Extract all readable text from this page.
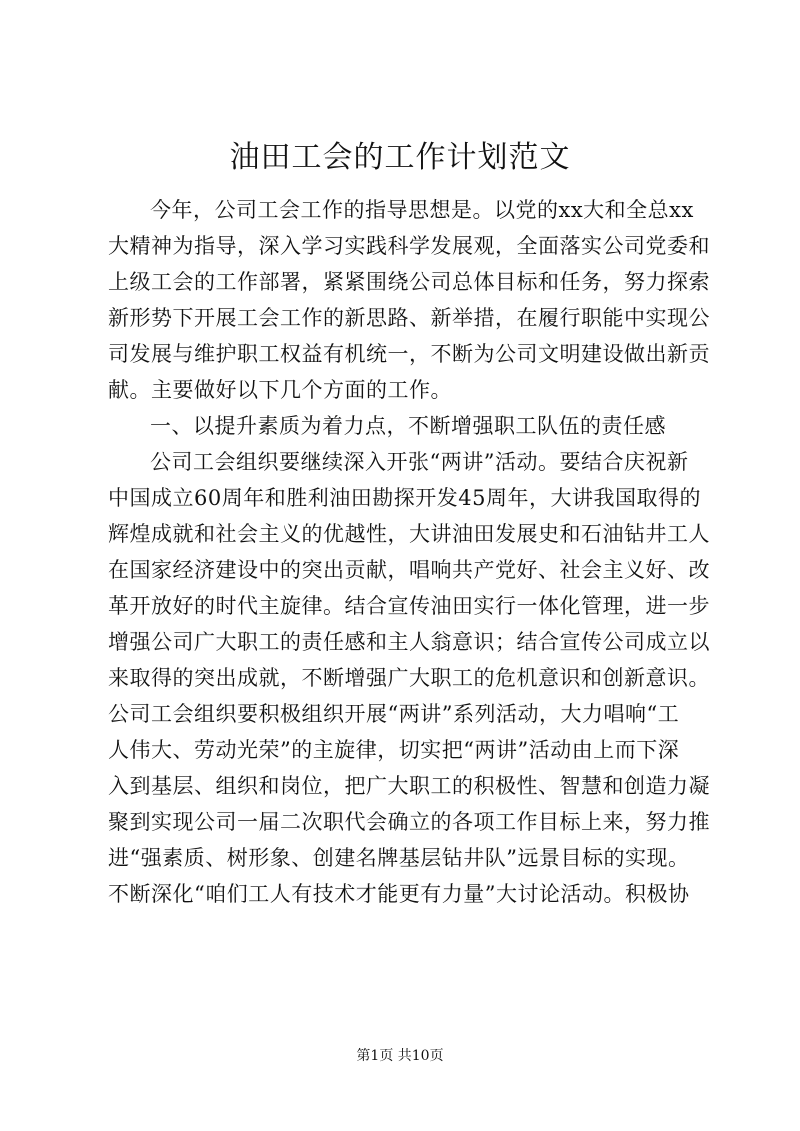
油田工会的工作计划范文
今年，公司工会工作的指导思想是。以党的xx大和全总xx
大精神为指导，深入学习实践科学发展观，全面落实公司党委和
上级工会的工作部署，紧紧围绕公司总体目标和任务，努力探索
新形势下开展工会工作的新思路、新举措，在履行职能中实现公
司发展与维护职工权益有机统一，不断为公司文明建设做出新贡
献。主要做好以下几个方面的工作。
一、以提升素质为着力点，不断增强职工队伍的责任感
公司工会组织要继续深入开张“两讲”活动。要结合庆祝新
中国成立60周年和胜利油田勘探开发45周年，大讲我国取得的
辉煌成就和社会主义的优越性，大讲油田发展史和石油钻井工人
在国家经济建设中的突出贡献，唱响共产党好、社会主义好、改
革开放好的时代主旋律。结合宣传油田实行一体化管理，进一步
增强公司广大职工的责任感和主人翁意识；结合宣传公司成立以
来取得的突出成就，不断增强广大职工的危机意识和创新意识。
公司工会组织要积极组织开展“两讲”系列活动，大力唱响“工
人伟大、劳动光荣”的主旋律，切实把“两讲”活动由上而下深
入到基层、组织和岗位，把广大职工的积极性、智慧和创造力凝
聚到实现公司一届二次职代会确立的各项工作目标上来，努力推
进“强素质、树形象、创建名牌基层钻井队”远景目标的实现。
不断深化“咱们工人有技术才能更有力量”大讨论活动。积极协
第1页 共10页
